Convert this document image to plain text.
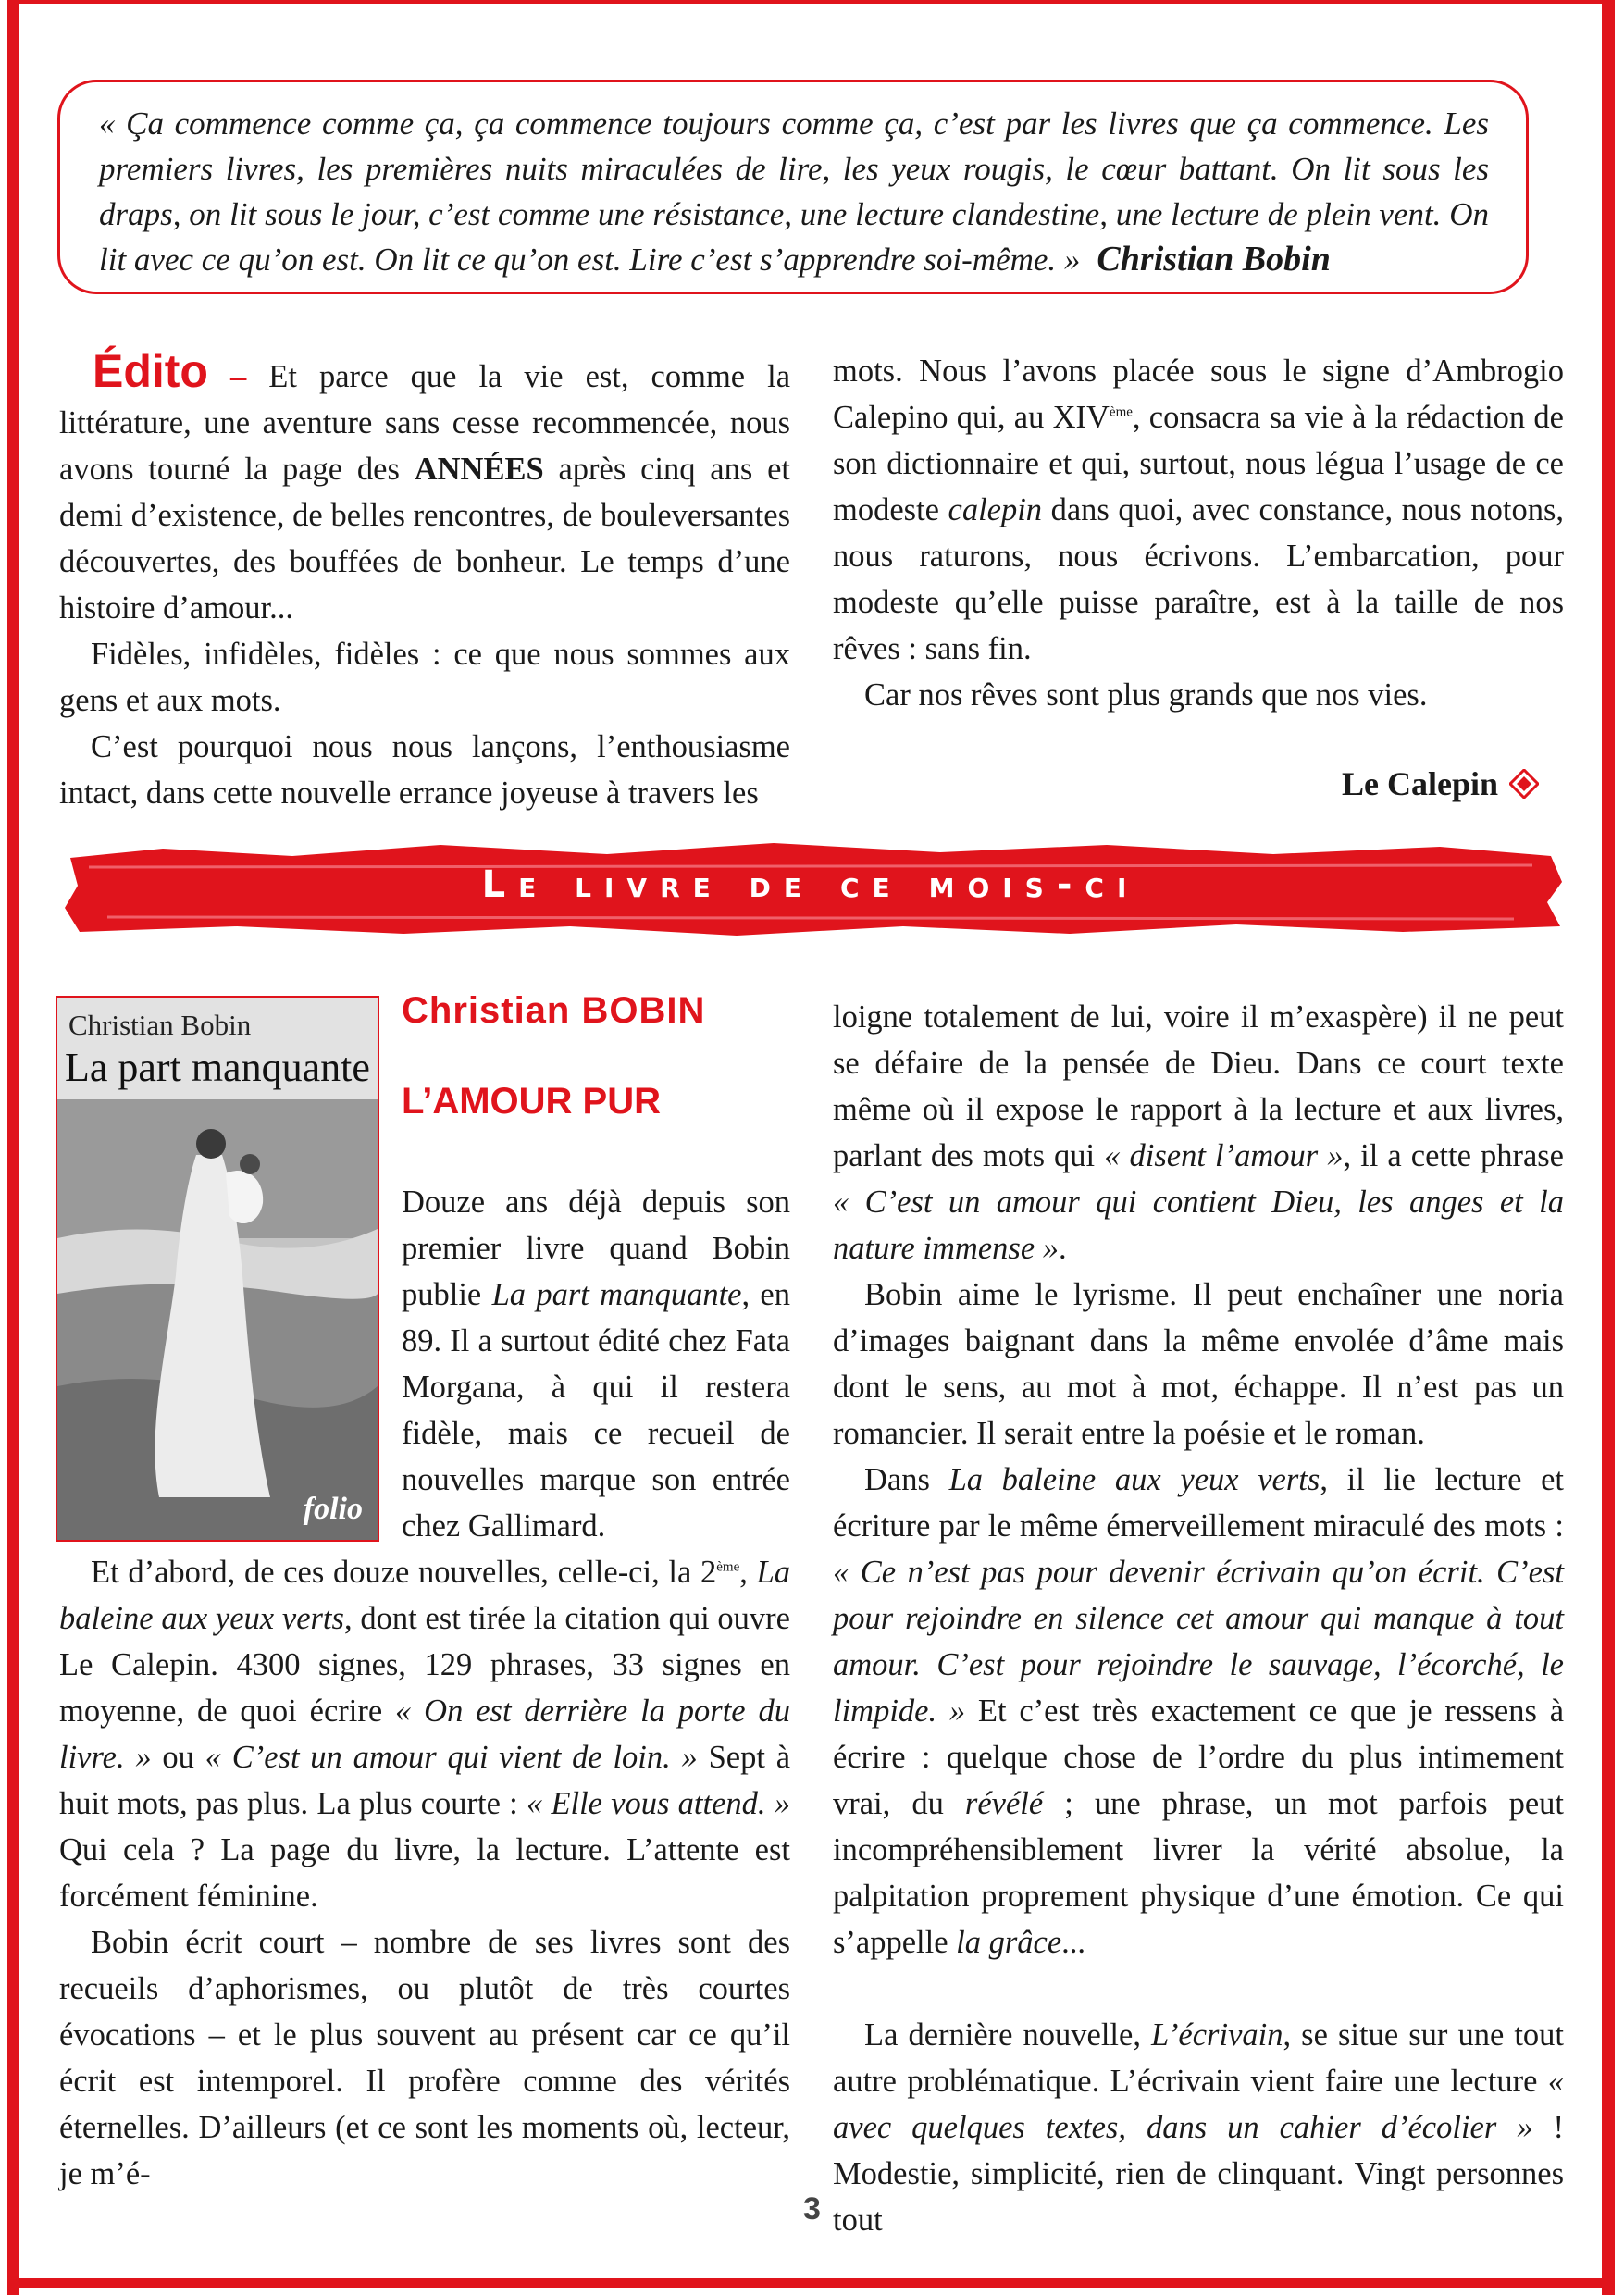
« Ça commence comme ça, ça commence toujours comme ça, c’est par les livres que ça commence. Les premiers livres, les premières nuits miraculées de lire, les yeux rougis, le cœur battant. On lit sous les draps, on lit sous le jour, c’est comme une résistance, une lecture clandestine, une lecture de plein vent. On lit avec ce qu’on est. On lit ce qu’on est. Lire c’est s’apprendre soi-même. » Christian Bobin

Édito – Et parce que la vie est, comme la littérature, une aventure sans cesse recommencée, nous avons tourné la page des ANNÉES après cinq ans et demi d’existence, de belles rencontres, de bouleversantes découvertes, des bouffées de bonheur. Le temps d’une histoire d’amour...

Fidèles, infidèles, fidèles : ce que nous sommes aux gens et aux mots.

C’est pourquoi nous nous lançons, l’enthousiasme intact, dans cette nouvelle errance joyeuse à travers les

mots. Nous l’avons placée sous le signe d’Ambrogio Calepino qui, au XIVème, consacra sa vie à la rédaction de son dictionnaire et qui, surtout, nous légua l’usage de ce modeste calepin dans quoi, avec constance, nous notons, nous raturons, nous écrivons. L’embarcation, pour modeste qu’elle puisse paraître, est à la taille de nos rêves : sans fin.

Car nos rêves sont plus grands que nos vies.

Le Calepin
Le livre de ce mois-ci
Christian Bobin
La part manquante
folio
Christian BOBIN
L’AMOUR PUR

Douze ans déjà depuis son premier livre quand Bobin publie La part manquante, en 89. Il a surtout édité chez Fata Morgana, à qui il restera fidèle, mais ce recueil de nouvelles marque son entrée chez Gallimard.

Et d’abord, de ces douze nouvelles, celle-ci, la 2ème, La baleine aux yeux verts, dont est tirée la citation qui ouvre Le Calepin. 4300 signes, 129 phrases, 33 signes en moyenne, de quoi écrire « On est derrière la porte du livre. » ou « C’est un amour qui vient de loin. » Sept à huit mots, pas plus. La plus courte : « Elle vous attend. » Qui cela ? La page du livre, la lecture. L’attente est forcément féminine.

Bobin écrit court – nombre de ses livres sont des recueils d’aphorismes, ou plutôt de très courtes évocations – et le plus souvent au présent car ce qu’il écrit est intemporel. Il profère comme des vérités éternelles. D’ailleurs (et ce sont les moments où, lecteur, je m’é-

loigne totalement de lui, voire il m’exaspère) il ne peut se défaire de la pensée de Dieu. Dans ce court texte même où il expose le rapport à la lecture et aux livres, parlant des mots qui « disent l’amour », il a cette phrase « C’est un amour qui contient Dieu, les anges et la nature immense ».

Bobin aime le lyrisme. Il peut enchaîner une noria d’images baignant dans la même envolée d’âme mais dont le sens, au mot à mot, échappe. Il n’est pas un romancier. Il serait entre la poésie et le roman.

Dans La baleine aux yeux verts, il lie lecture et écriture par le même émerveillement miraculé des mots : « Ce n’est pas pour devenir écrivain qu’on écrit. C’est pour rejoindre en silence cet amour qui manque à tout amour. C’est pour rejoindre le sauvage, l’écorché, le limpide. » Et c’est très exactement ce que je ressens à écrire : quelque chose de l’ordre du plus intimement vrai, du révélé ; une phrase, un mot parfois peut incompréhensiblement livrer la vérité absolue, la palpitation proprement physique d’une émotion. Ce qui s’appelle la grâce...

La dernière nouvelle, L’écrivain, se situe sur une tout autre problématique. L’écrivain vient faire une lecture « avec quelques textes, dans un cahier d’écolier » ! Modestie, simplicité, rien de clinquant. Vingt personnes tout

3
